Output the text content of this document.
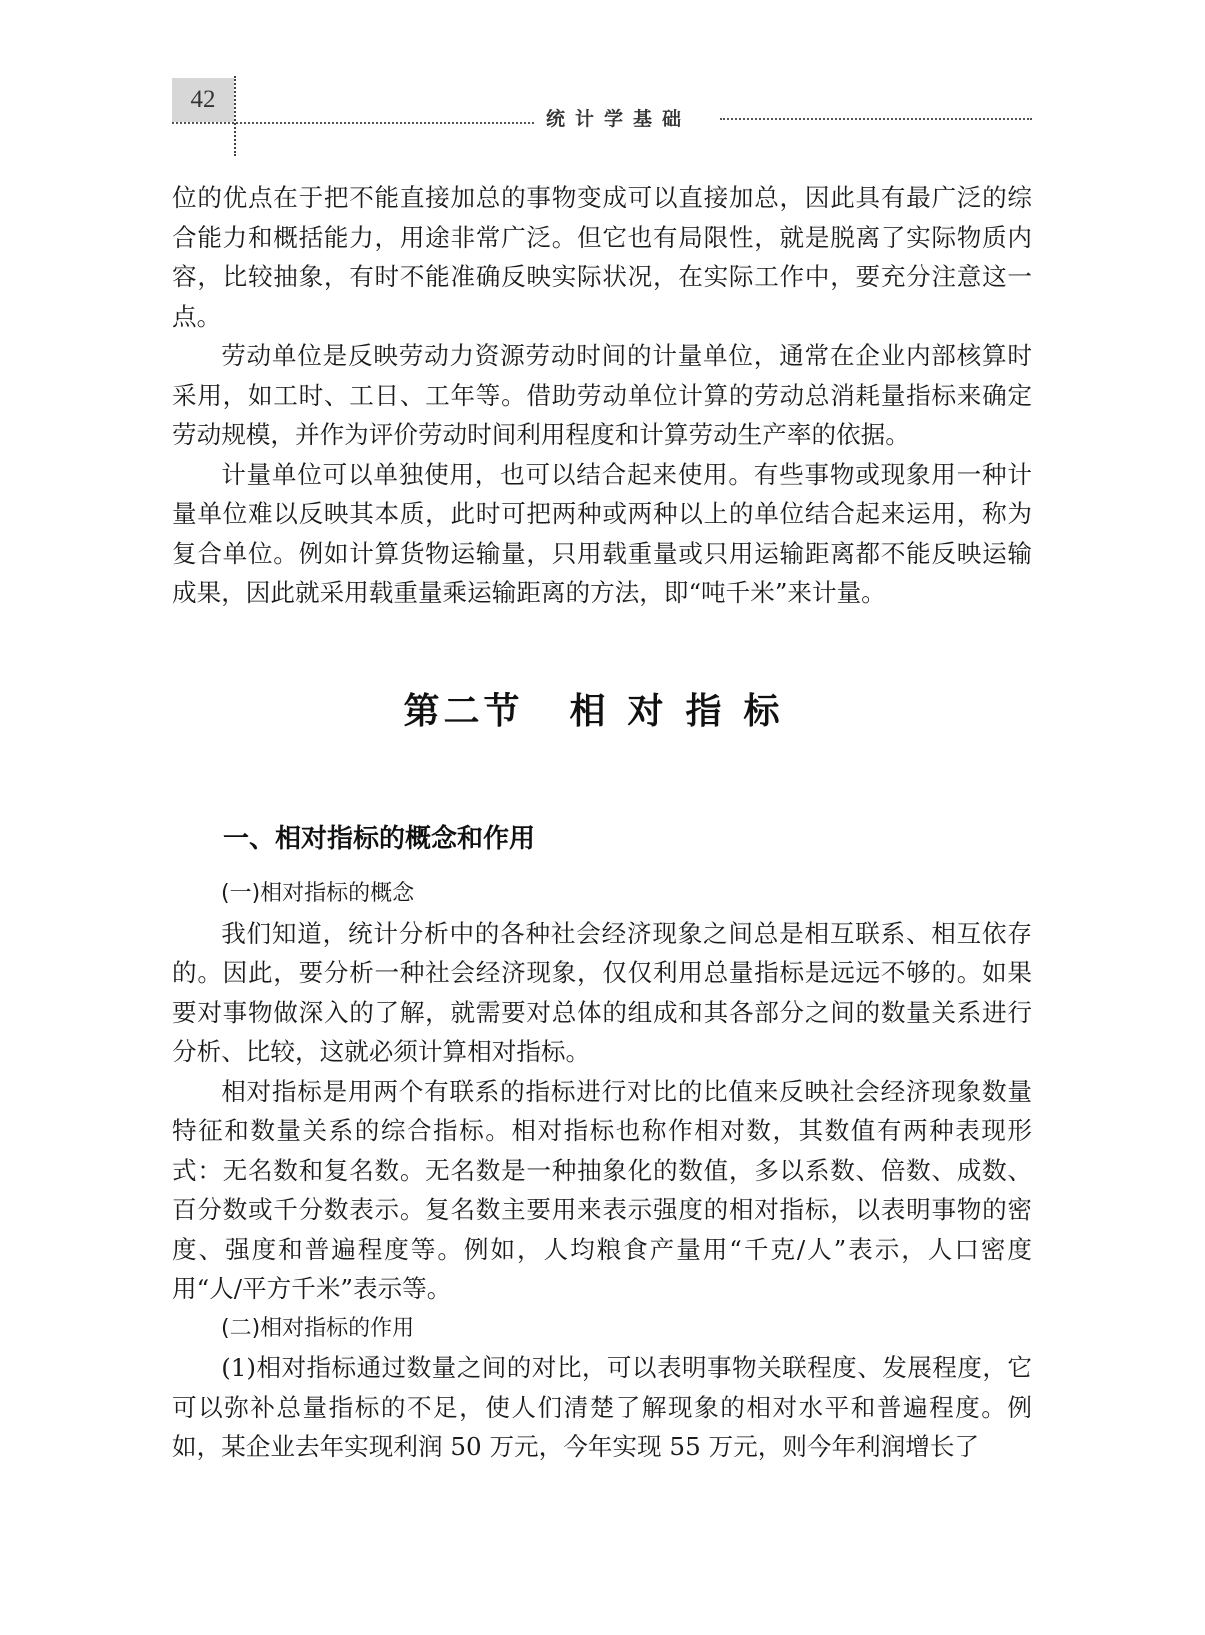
42
统计学基础

位的优点在于把不能直接加总的事物变成可以直接加总，因此具有最广泛的综合能力和概括能力，用途非常广泛。但它也有局限性，就是脱离了实际物质内容，比较抽象，有时不能准确反映实际状况，在实际工作中，要充分注意这一点。

劳动单位是反映劳动力资源劳动时间的计量单位，通常在企业内部核算时采用，如工时、工日、工年等。借助劳动单位计算的劳动总消耗量指标来确定劳动规模，并作为评价劳动时间利用程度和计算劳动生产率的依据。

计量单位可以单独使用，也可以结合起来使用。有些事物或现象用一种计量单位难以反映其本质，此时可把两种或两种以上的单位结合起来运用，称为复合单位。例如计算货物运输量，只用载重量或只用运输距离都不能反映运输成果，因此就采用载重量乘运输距离的方法，即“吨千米”来计量。

第二节 相对指标
一、相对指标的概念和作用

(一)相对指标的概念

我们知道，统计分析中的各种社会经济现象之间总是相互联系、相互依存的。因此，要分析一种社会经济现象，仅仅利用总量指标是远远不够的。如果要对事物做深入的了解，就需要对总体的组成和其各部分之间的数量关系进行分析、比较，这就必须计算相对指标。

相对指标是用两个有联系的指标进行对比的比值来反映社会经济现象数量特征和数量关系的综合指标。相对指标也称作相对数，其数值有两种表现形式：无名数和复名数。无名数是一种抽象化的数值，多以系数、倍数、成数、百分数或千分数表示。复名数主要用来表示强度的相对指标，以表明事物的密度、强度和普遍程度等。例如，人均粮食产量用“千克/人”表示，人口密度用“人/平方千米”表示等。

(二)相对指标的作用

(1)相对指标通过数量之间的对比，可以表明事物关联程度、发展程度，它可以弥补总量指标的不足，使人们清楚了解现象的相对水平和普遍程度。例如，某企业去年实现利润 50 万元，今年实现 55 万元，则今年利润增长了
